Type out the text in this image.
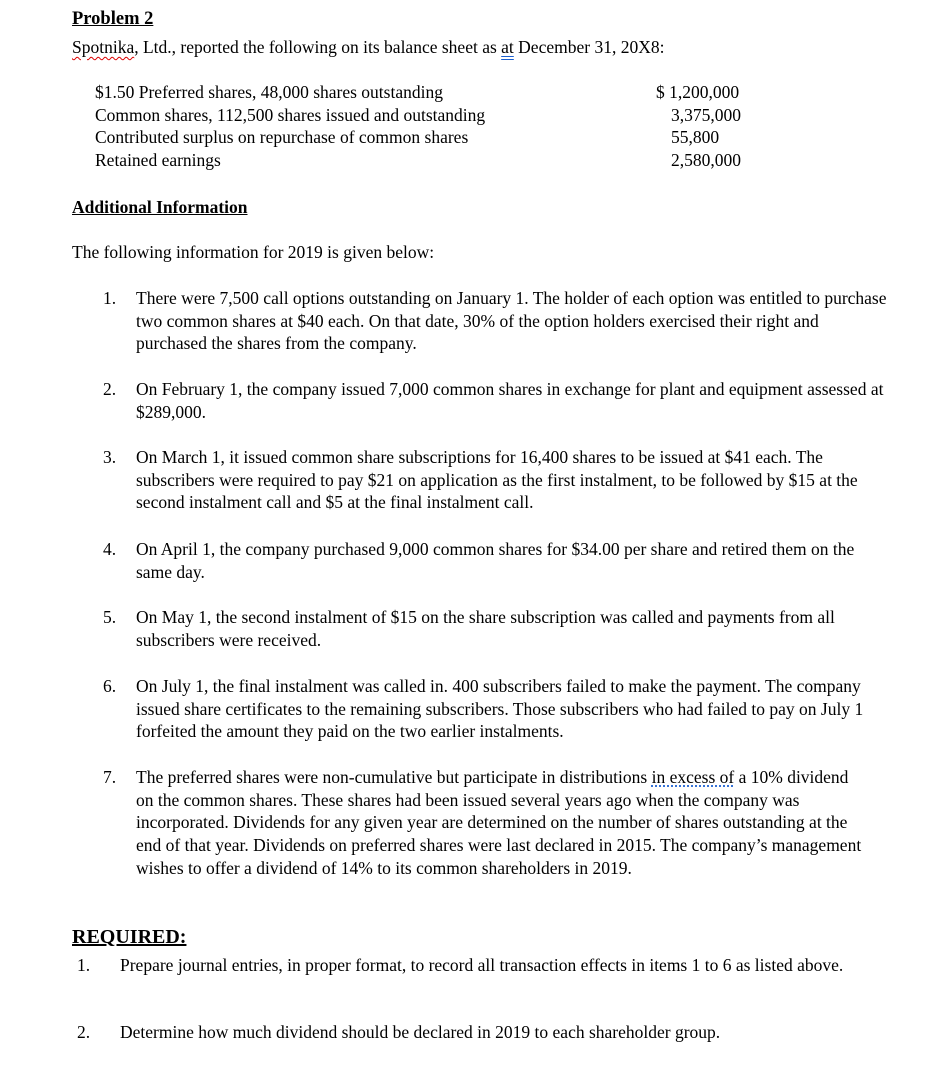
Problem 2
Spotnika, Ltd., reported the following on its balance sheet as at December 31, 20X8:
$1.50 Preferred shares, 48,000 shares outstanding	$ 1,200,000
Common shares, 112,500 shares issued and outstanding	3,375,000
Contributed surplus on repurchase of common shares	55,800
Retained earnings	2,580,000
Additional Information
The following information for 2019 is given below:
1. There were 7,500 call options outstanding on January 1. The holder of each option was entitled to purchase two common shares at $40 each. On that date, 30% of the option holders exercised their right and purchased the shares from the company.
2. On February 1, the company issued 7,000 common shares in exchange for plant and equipment assessed at $289,000.
3. On March 1, it issued common share subscriptions for 16,400 shares to be issued at $41 each. The subscribers were required to pay $21 on application as the first instalment, to be followed by $15 at the second instalment call and $5 at the final instalment call.
4. On April 1, the company purchased 9,000 common shares for $34.00 per share and retired them on the same day.
5. On May 1, the second instalment of $15 on the share subscription was called and payments from all subscribers were received.
6. On July 1, the final instalment was called in. 400 subscribers failed to make the payment. The company issued share certificates to the remaining subscribers. Those subscribers who had failed to pay on July 1 forfeited the amount they paid on the two earlier instalments.
7. The preferred shares were non-cumulative but participate in distributions in excess of a 10% dividend on the common shares. These shares had been issued several years ago when the company was incorporated. Dividends for any given year are determined on the number of shares outstanding at the end of that year. Dividends on preferred shares were last declared in 2015. The company’s management wishes to offer a dividend of 14% to its common shareholders in 2019.
REQUIRED:
1. Prepare journal entries, in proper format, to record all transaction effects in items 1 to 6 as listed above.
2. Determine how much dividend should be declared in 2019 to each shareholder group.
